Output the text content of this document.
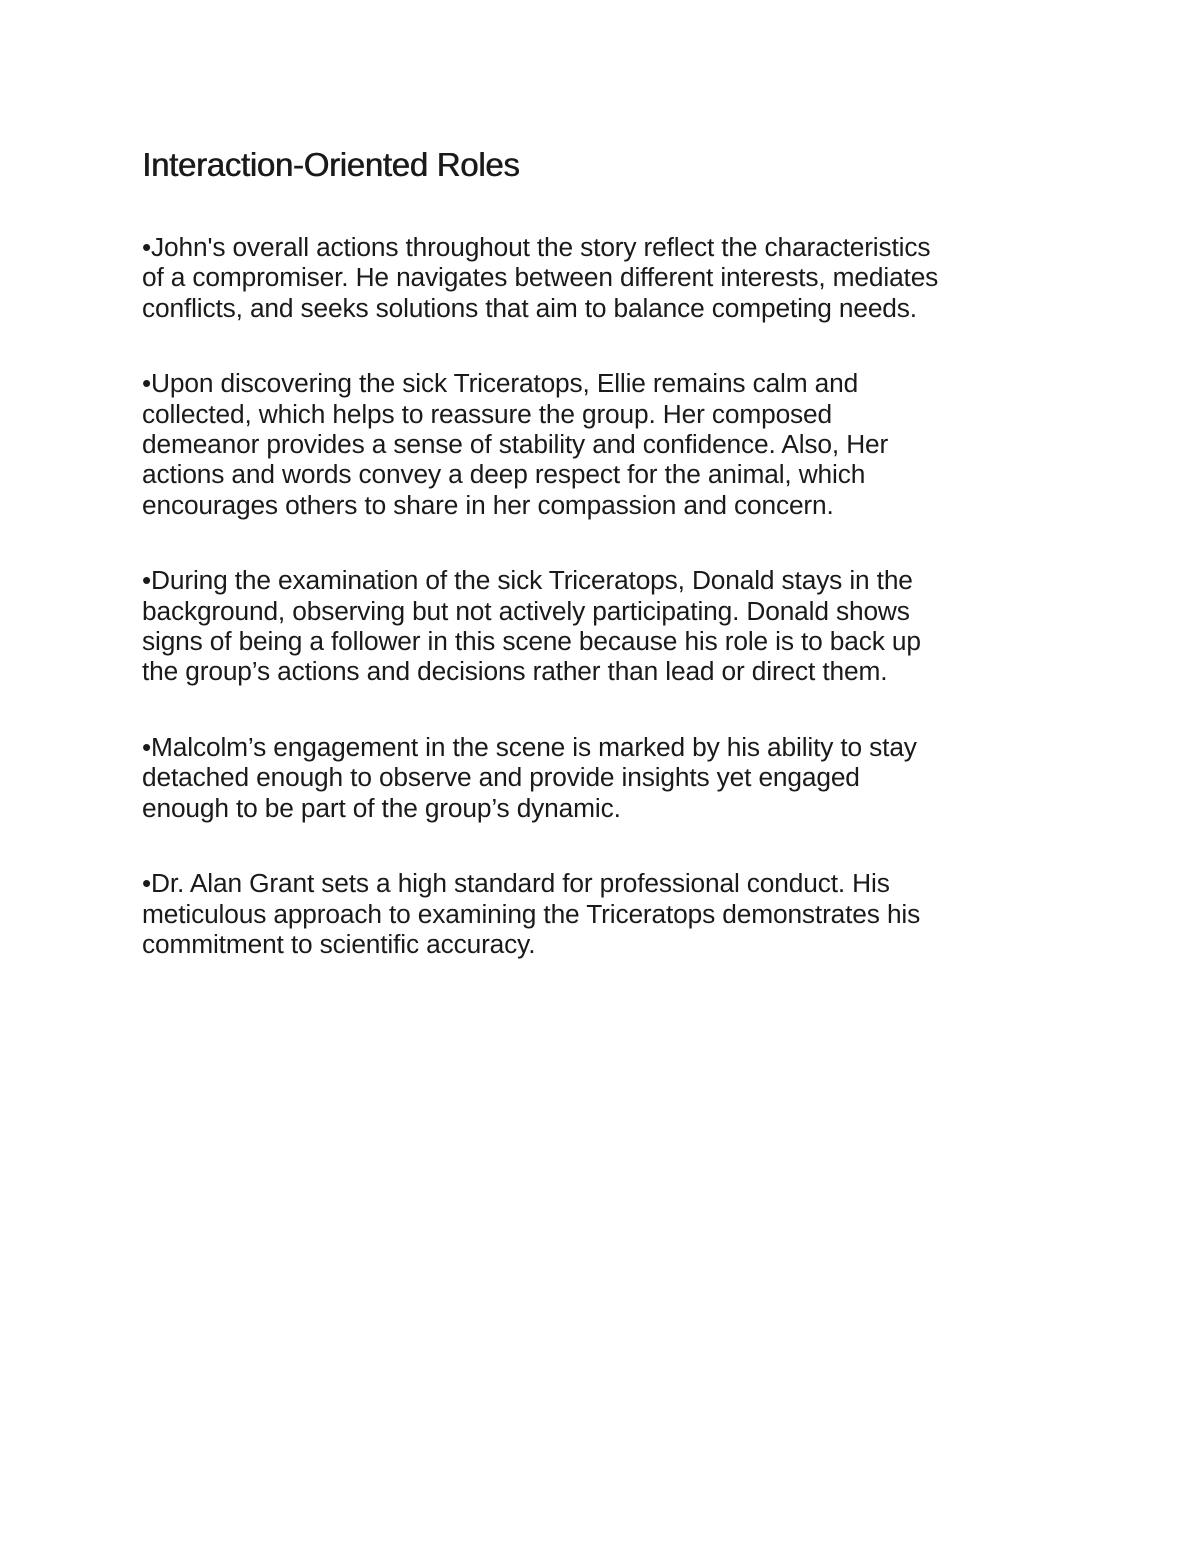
Interaction-Oriented Roles
•John's overall actions throughout the story reflect the characteristics
of a compromiser. He navigates between different interests, mediates
conflicts, and seeks solutions that aim to balance competing needs.
•Upon discovering the sick Triceratops, Ellie remains calm and
collected, which helps to reassure the group. Her composed
demeanor provides a sense of stability and confidence. Also, Her
actions and words convey a deep respect for the animal, which
encourages others to share in her compassion and concern.
•During the examination of the sick Triceratops, Donald stays in the
background, observing but not actively participating. Donald shows
signs of being a follower in this scene because his role is to back up
the group’s actions and decisions rather than lead or direct them.
•Malcolm’s engagement in the scene is marked by his ability to stay
detached enough to observe and provide insights yet engaged
enough to be part of the group’s dynamic.
•Dr. Alan Grant sets a high standard for professional conduct. His
meticulous approach to examining the Triceratops demonstrates his
commitment to scientific accuracy.
